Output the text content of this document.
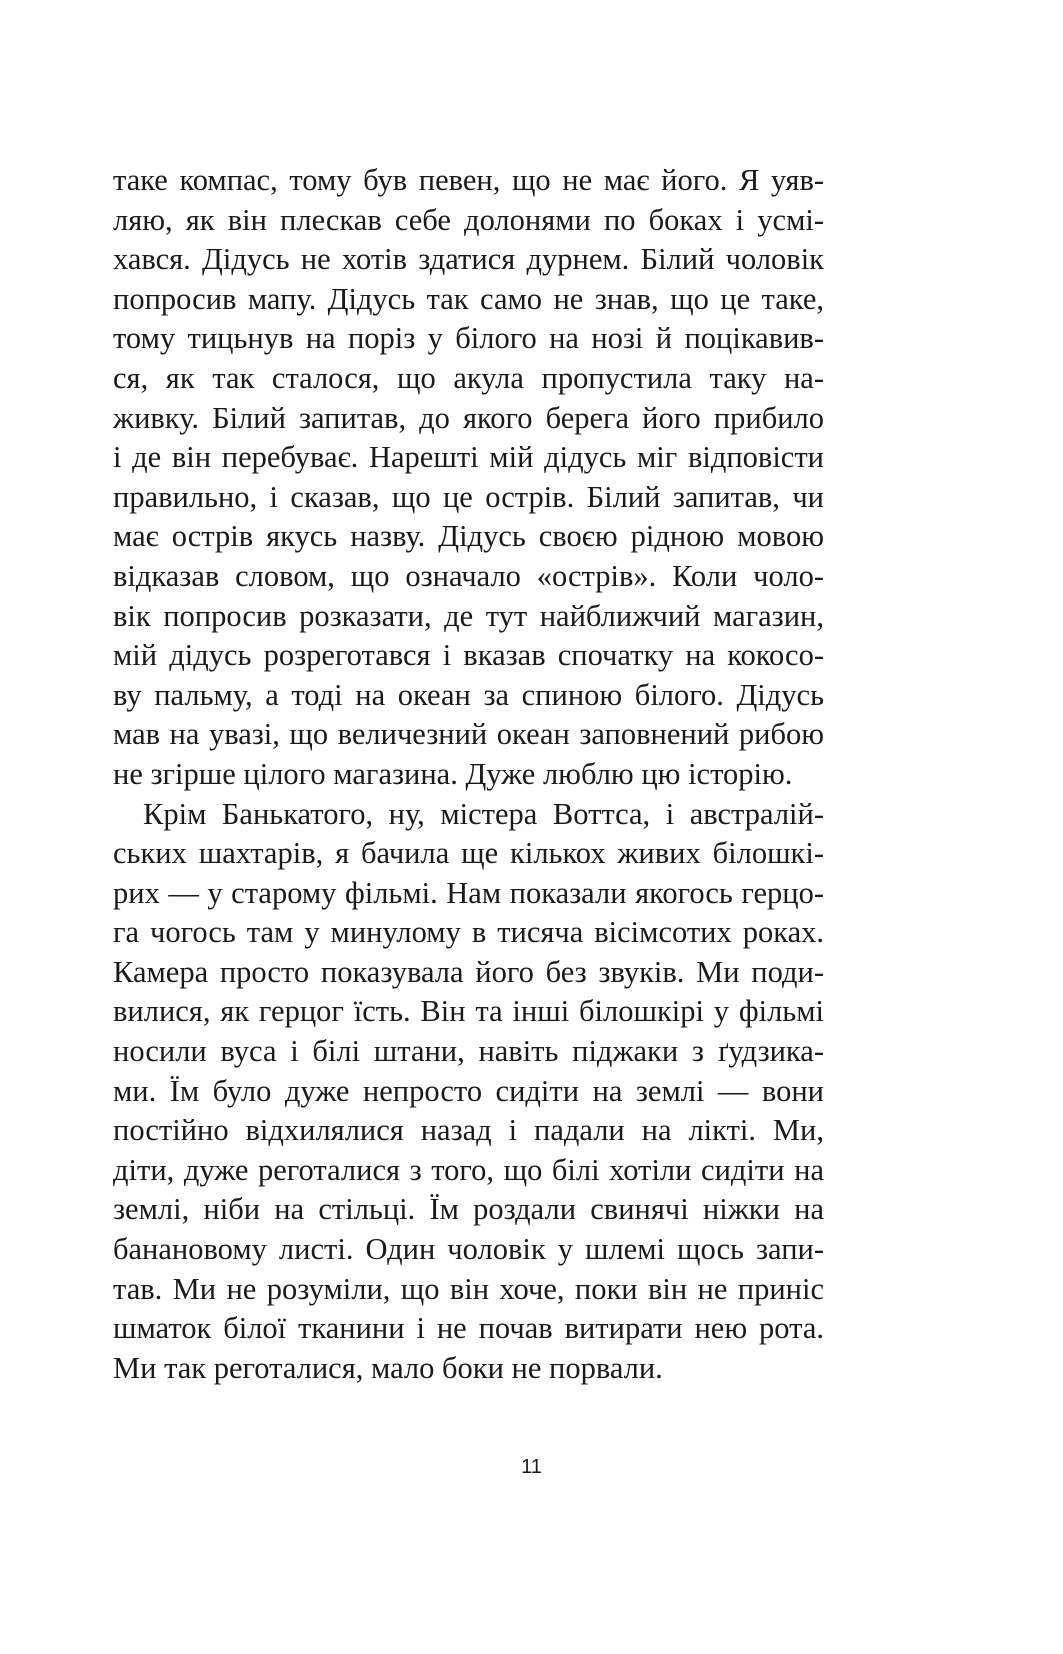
таке компас, тому був певен, що не має його. Я уяв-
ляю, як він плескав себе долонями по боках і усмі-
хався. Дідусь не хотів здатися дурнем. Білий чоловік
попросив мапу. Дідусь так само не знав, що це таке,
тому тицьнув на поріз у білого на нозі й поцікавив-
ся, як так сталося, що акула пропустила таку на-
живку. Білий запитав, до якого берега його прибило
і де він перебуває. Нарешті мій дідусь міг відповісти
правильно, і сказав, що це острів. Білий запитав, чи
має острів якусь назву. Дідусь своєю рідною мовою
відказав словом, що означало «острів». Коли чоло-
вік попросив розказати, де тут найближчий магазин,
мій дідусь розреготався і вказав спочатку на кокосо-
ву пальму, а тоді на океан за спиною білого. Дідусь
мав на увазі, що величезний океан заповнений рибою
не згірше цілого магазина. Дуже люблю цю історію.
Крім Банькатого, ну, містера Воттса, і австралій-
ських шахтарів, я бачила ще кількох живих білошкі-
рих — у старому фільмі. Нам показали якогось герцо-
га чогось там у минулому в тисяча вісімсотих роках.
Камера просто показувала його без звуків. Ми поди-
вилися, як герцог їсть. Він та інші білошкірі у фільмі
носили вуса і білі штани, навіть піджаки з ґудзика-
ми. Їм було дуже непросто сидіти на землі — вони
постійно відхилялися назад і падали на лікті. Ми,
діти, дуже реготалися з того, що білі хотіли сидіти на
землі, ніби на стільці. Їм роздали свинячі ніжки на
банановому листі. Один чоловік у шлемі щось запи-
тав. Ми не розуміли, що він хоче, поки він не приніс
шматок білої тканини і не почав витирати нею рота.
Ми так реготалися, мало боки не порвали.
11
